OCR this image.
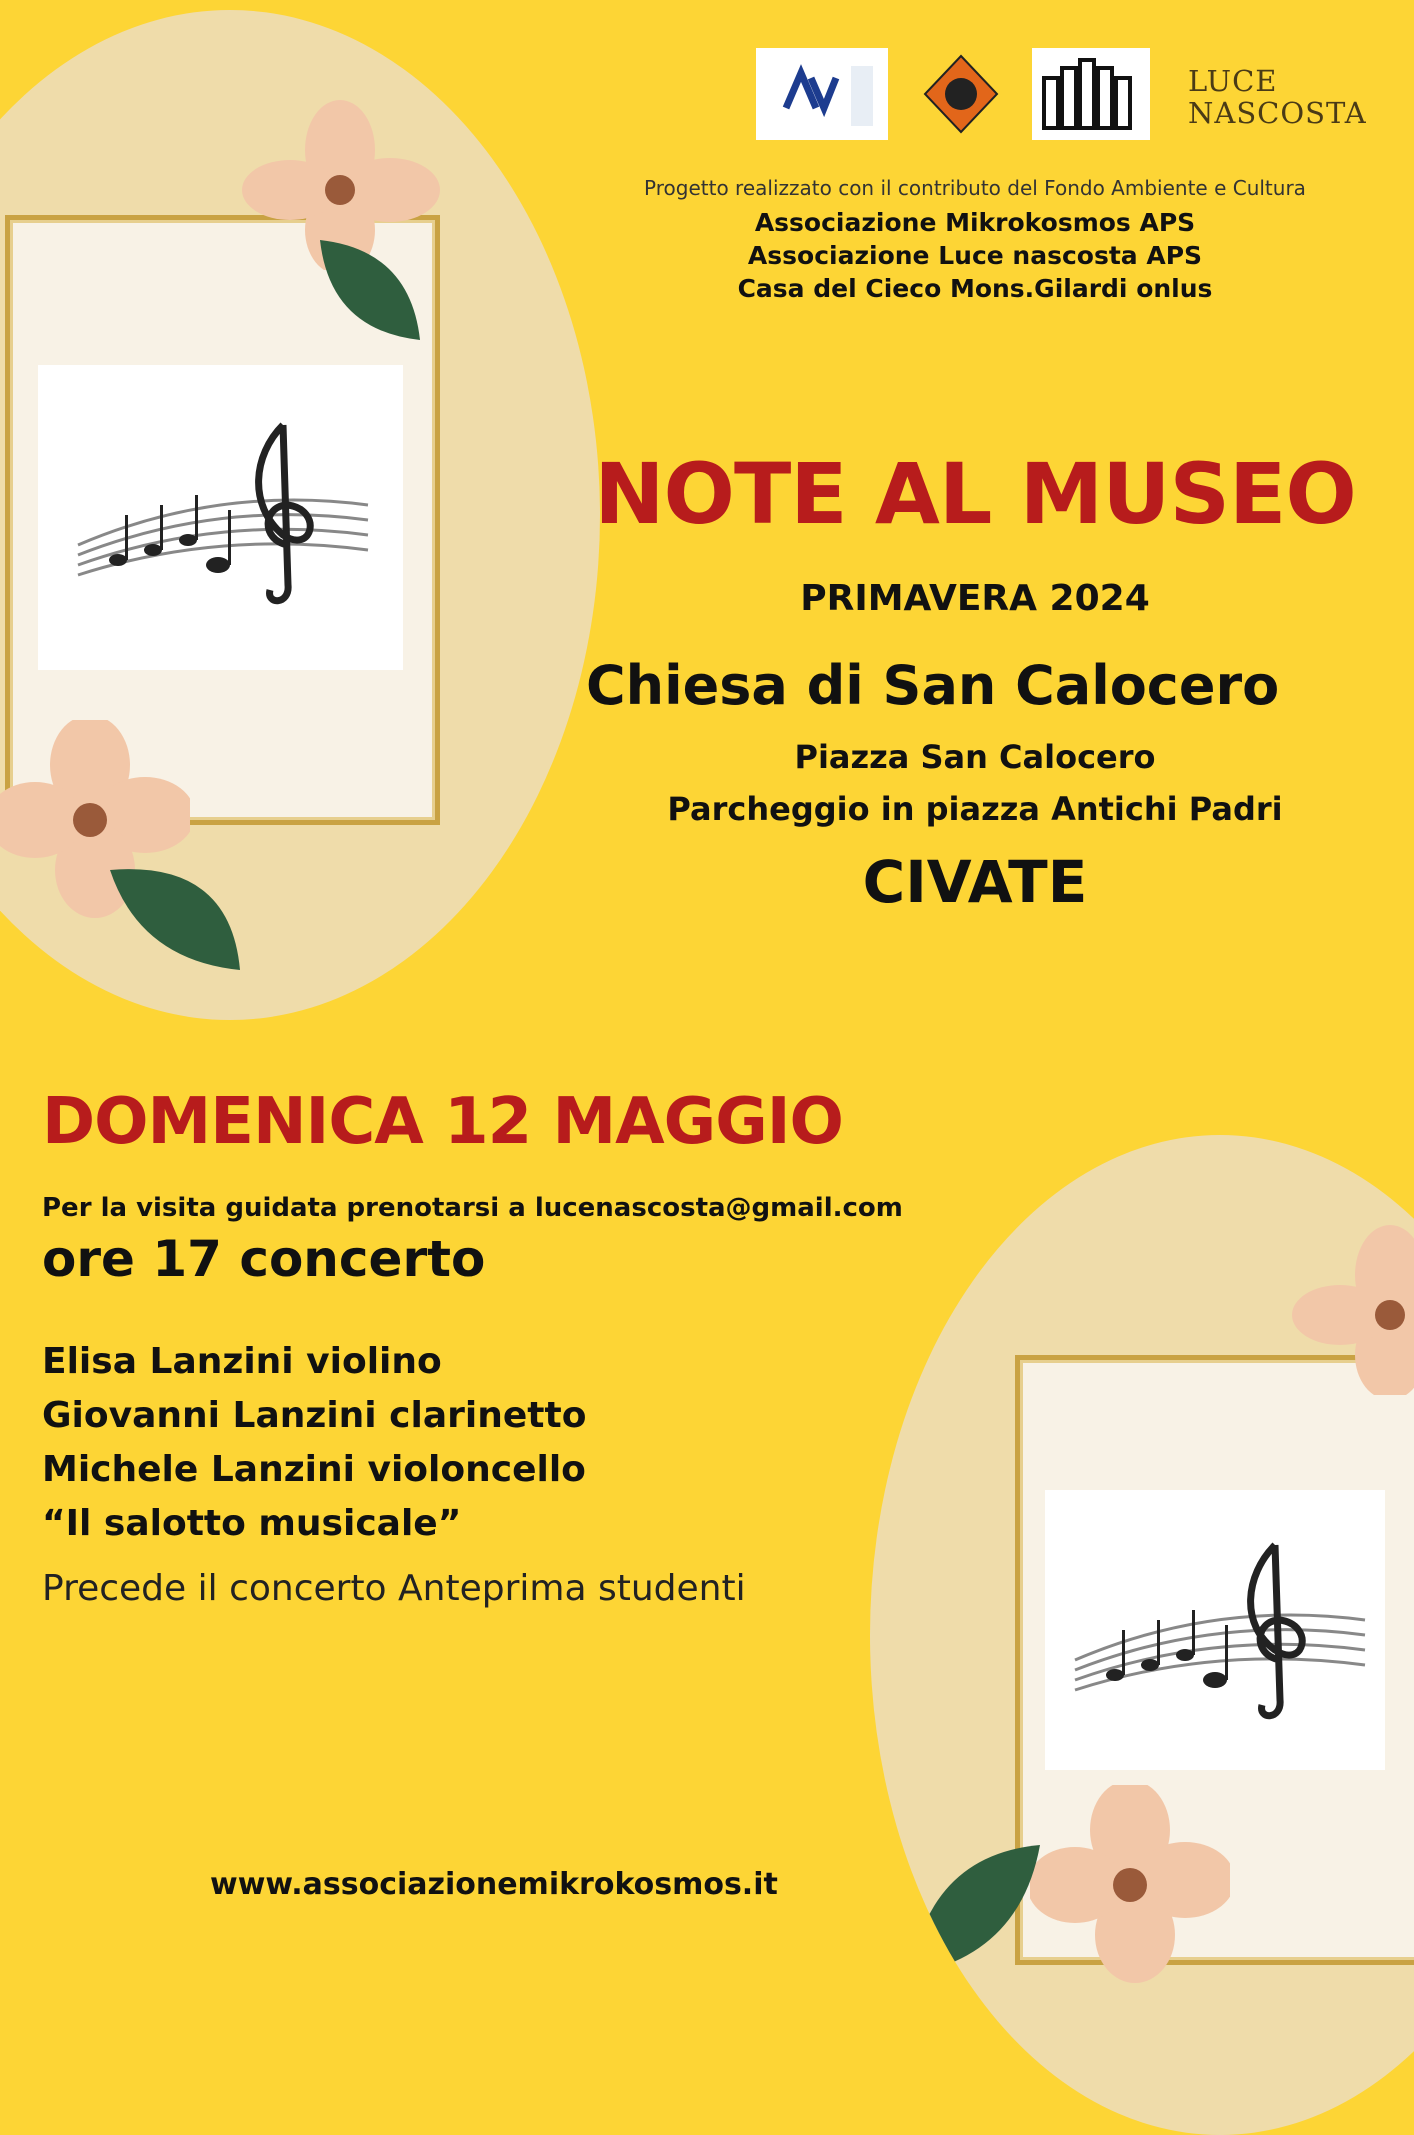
LUCE
NASCOSTA
Progetto realizzato con il contributo del Fondo Ambiente e Cultura
Associazione Mikrokosmos APS
Associazione Luce nascosta APS
Casa del Cieco Mons.Gilardi onlus
NOTE AL MUSEO
PRIMAVERA 2024
Chiesa di San Calocero
Piazza San Calocero
Parcheggio in piazza Antichi Padri
CIVATE
DOMENICA 12 MAGGIO
Per la visita guidata prenotarsi a lucenascosta@gmail.com
ore 17 concerto
Elisa Lanzini violino
Giovanni Lanzini clarinetto
Michele Lanzini violoncello
“Il salotto musicale”
Precede il concerto Anteprima studenti
www.associazionemikrokosmos.it
